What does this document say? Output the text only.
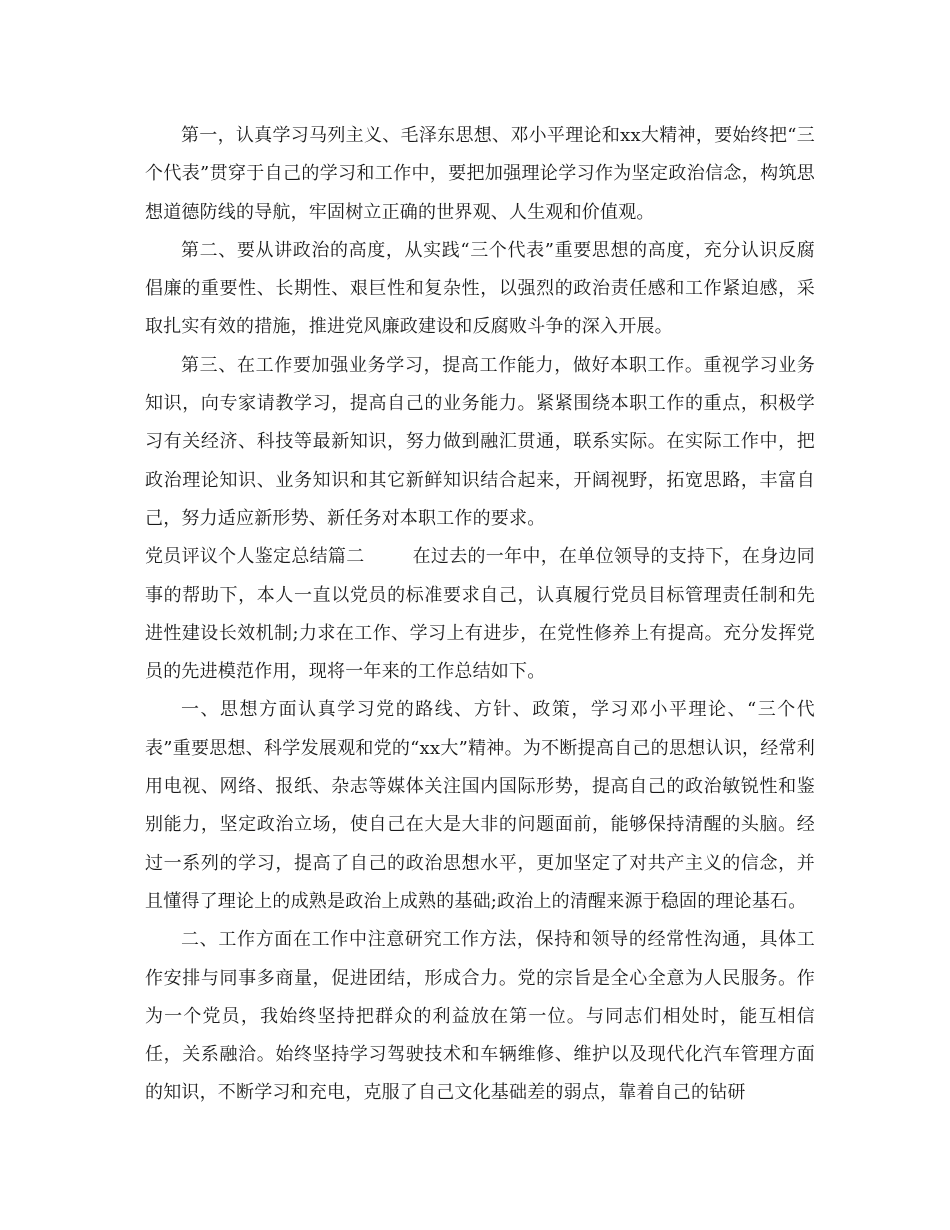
第一，认真学习马列主义、毛泽东思想、邓小平理论和xx大精神，要始终把“三个代表”贯穿于自己的学习和工作中，要把加强理论学习作为坚定政治信念，构筑思想道德防线的导航，牢固树立正确的世界观、人生观和价值观。

第二、要从讲政治的高度，从实践“三个代表”重要思想的高度，充分认识反腐倡廉的重要性、长期性、艰巨性和复杂性，以强烈的政治责任感和工作紧迫感，采取扎实有效的措施，推进党风廉政建设和反腐败斗争的深入开展。

第三、在工作要加强业务学习，提高工作能力，做好本职工作。重视学习业务知识，向专家请教学习，提高自己的业务能力。紧紧围绕本职工作的重点，积极学习有关经济、科技等最新知识，努力做到融汇贯通，联系实际。在实际工作中，把政治理论知识、业务知识和其它新鲜知识结合起来，开阔视野，拓宽思路，丰富自己，努力适应新形势、新任务对本职工作的要求。

党员评议个人鉴定总结篇二	在过去的一年中，在单位领导的支持下，在身边同事的帮助下，本人一直以党员的标准要求自己，认真履行党员目标管理责任制和先进性建设长效机制;力求在工作、学习上有进步，在党性修养上有提高。充分发挥党员的先进模范作用，现将一年来的工作总结如下。

一、思想方面认真学习党的路线、方针、政策，学习邓小平理论、“三个代表”重要思想、科学发展观和党的“xx大”精神。为不断提高自己的思想认识，经常利用电视、网络、报纸、杂志等媒体关注国内国际形势，提高自己的政治敏锐性和鉴别能力，坚定政治立场，使自己在大是大非的问题面前，能够保持清醒的头脑。经过一系列的学习，提高了自己的政治思想水平，更加坚定了对共产主义的信念，并且懂得了理论上的成熟是政治上成熟的基础;政治上的清醒来源于稳固的理论基石。

二、工作方面在工作中注意研究工作方法，保持和领导的经常性沟通，具体工作安排与同事多商量，促进团结，形成合力。党的宗旨是全心全意为人民服务。作为一个党员，我始终坚持把群众的利益放在第一位。与同志们相处时，能互相信任，关系融洽。始终坚持学习驾驶技术和车辆维修、维护以及现代化汽车管理方面的知识，不断学习和充电，克服了自己文化基础差的弱点，靠着自己的钻研
